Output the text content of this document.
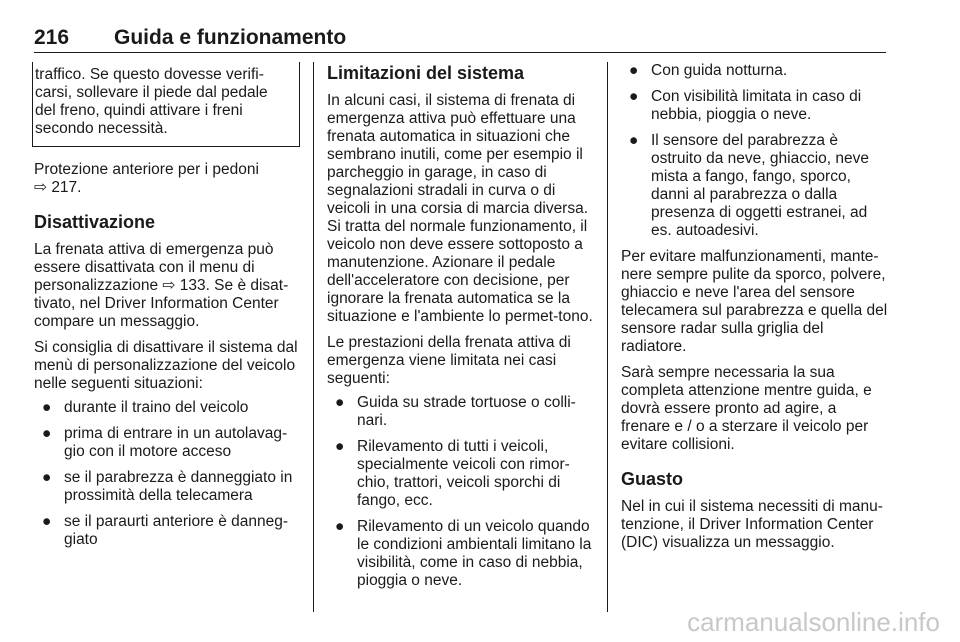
216 Guida e funzionamento

traffico. Se questo dovesse verifi-carsi, sollevare il piede dal pedale del freno, quindi attivare i freni secondo necessità.

Protezione anteriore per i pedoni
⇨ 217.

Disattivazione

La frenata attiva di emergenza può essere disattivata con il menu di personalizzazione ⇨ 133. Se è disat-tivato, nel Driver Information Center compare un messaggio.

Si consiglia di disattivare il sistema dal menù di personalizzazione del veicolo nelle seguenti situazioni:

● durante il traino del veicolo
● prima di entrare in un autolavag-gio con il motore acceso
● se il parabrezza è danneggiato in prossimità della telecamera
● se il paraurti anteriore è danneg-giato
Limitazioni del sistema

In alcuni casi, il sistema di frenata di emergenza attiva può effettuare una frenata automatica in situazioni che sembrano inutili, come per esempio il parcheggio in garage, in caso di segnalazioni stradali in curva o di veicoli in una corsia di marcia diversa. Si tratta del normale funzionamento, il veicolo non deve essere sottoposto a manutenzione. Azionare il pedale dell'acceleratore con decisione, per ignorare la frenata automatica se la situazione e l'ambiente lo permet-tono.

Le prestazioni della frenata attiva di emergenza viene limitata nei casi seguenti:

● Guida su strade tortuose o colli-nari.
● Rilevamento di tutti i veicoli, specialmente veicoli con rimor-chio, trattori, veicoli sporchi di fango, ecc.
● Rilevamento di un veicolo quando le condizioni ambientali limitano la visibilità, come in caso di nebbia, pioggia o neve.
● Con guida notturna.
● Con visibilità limitata in caso di nebbia, pioggia o neve.
● Il sensore del parabrezza è ostruito da neve, ghiaccio, neve mista a fango, fango, sporco, danni al parabrezza o dalla presenza di oggetti estranei, ad es. autoadesivi.

Per evitare malfunzionamenti, mante-nere sempre pulite da sporco, polvere, ghiaccio e neve l'area del sensore telecamera sul parabrezza e quella del sensore radar sulla griglia del radiatore.

Sarà sempre necessaria la sua completa attenzione mentre guida, e dovrà essere pronto ad agire, a frenare e / o a sterzare il veicolo per evitare collisioni.

Guasto

Nel in cui il sistema necessiti di manu-tenzione, il Driver Information Center (DIC) visualizza un messaggio.

carmanualsonline.info
